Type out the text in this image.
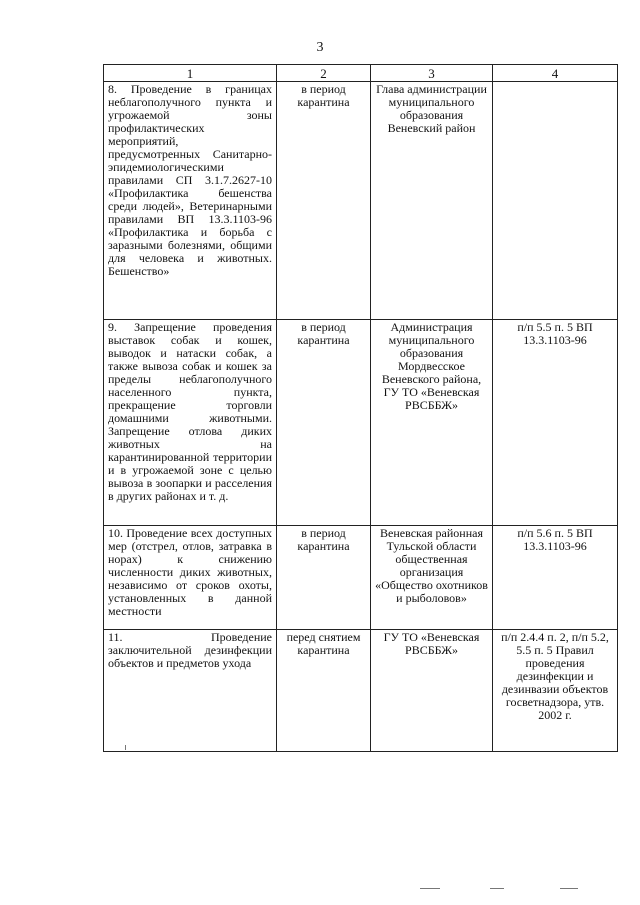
3
1	2	3	4
8. Проведение в границах неблагополучного пункта и угрожаемой зоны профилактических мероприятий, предусмотренных Санитарно-эпидемиологическими правилами СП 3.1.7.2627-10 «Профилактика бешенства среди людей», Ветеринарными правилами ВП 13.3.1103-96 «Профилактика и борьба с заразными болезнями, общими для человека и животных. Бешенство»	в период карантина	Глава администрации муниципального образования Веневский район	
9. Запрещение проведения выставок собак и кошек, выводок и натаски собак, а также вывоза собак и кошек за пределы неблагополучного населенного пункта, прекращение торговли домашними животными. Запрещение отлова диких животных на карантинированной территории и в угрожаемой зоне с целью вывоза в зоопарки и расселения в других районах и т. д.	в период карантина	Администрация муниципального образования Мордвесское Веневского района, ГУ ТО «Веневская РВСББЖ»	п/п 5.5 п. 5 ВП 13.3.1103-96
10. Проведение всех доступных мер (отстрел, отлов, затравка в норах) к снижению численности диких животных, независимо от сроков охоты, установленных в данной местности	в период карантина	Веневская районная Тульской области общественная организация «Общество охотников и рыболовов»	п/п 5.6 п. 5 ВП 13.3.1103-96
11. Проведение заключительной дезинфекции объектов и предметов ухода	перед снятием карантина	ГУ ТО «Веневская РВСББЖ»	п/п 2.4.4 п. 2, п/п 5.2, 5.5 п. 5 Правил проведения дезинфекции и дезинвазии объектов госветнадзора, утв. 2002 г.
